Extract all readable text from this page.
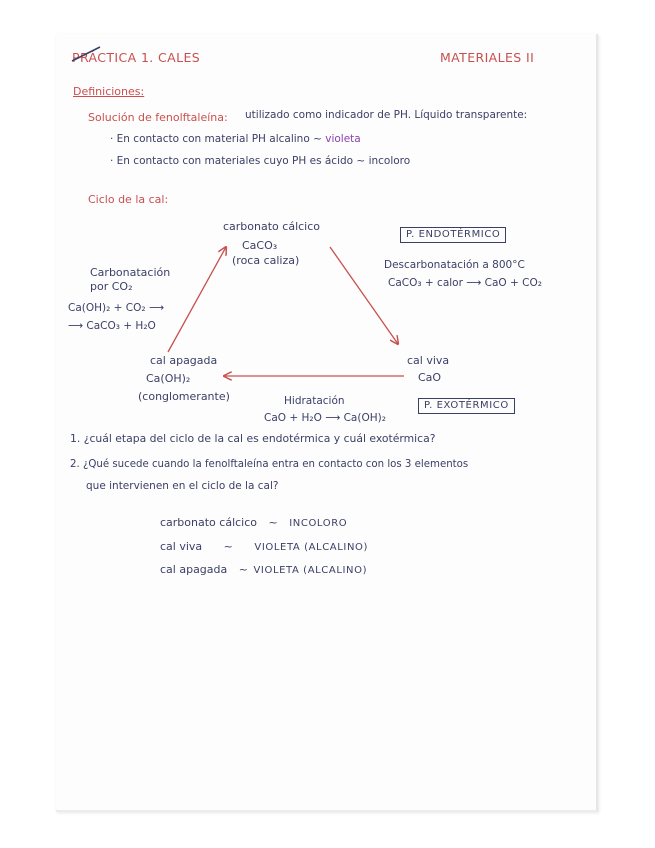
PRÁCTICA 1. CALES	MATERIALES II
Definiciones:
Solución de fenolftaleína: utilizado como indicador de PH. Líquido transparente:
· En contacto con material PH alcalino ~ violeta
· En contacto con materiales cuyo PH es ácido ~ incoloro
Ciclo de la cal:
carbonato cálcico
CaCO₃
(roca caliza)
P. ENDOTÉRMICO
Descarbonatación a 800°C
CaCO₃ + calor ⟶ CaO + CO₂
Carbonatación
por CO₂
Ca(OH)₂ + CO₂ ⟶
⟶ CaCO₃ + H₂O
cal apagada
Ca(OH)₂
(conglomerante)
cal viva
CaO
Hidratación
CaO + H₂O ⟶ Ca(OH)₂
P. EXOTÉRMICO
1. ¿cuál etapa del ciclo de la cal es endotérmica y cuál exotérmica?
2. ¿Qué sucede cuando la fenolftaleína entra en contacto con los 3 elementos
que intervienen en el ciclo de la cal?
carbonato cálcico ~ INCOLORO
cal viva ~ VIOLETA (ALCALINO)
cal apagada ~ VIOLETA (ALCALINO)
